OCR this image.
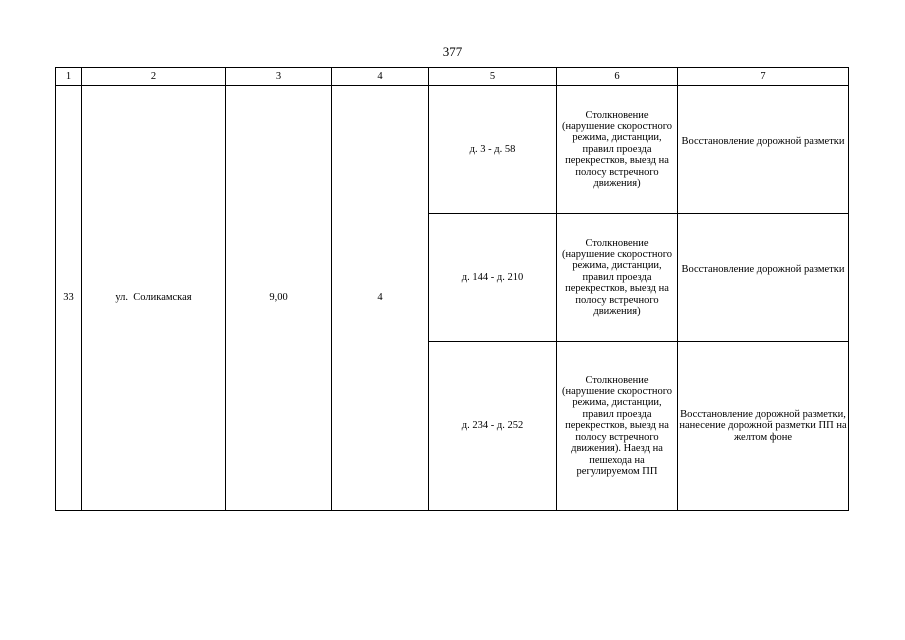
377
1	2	3	4	5	6	7
33	ул.  Соликамская	9,00	4	д. 3 - д. 58	Столкновение (нарушение скоростного режима, дистанции, правил проезда перекрестков, выезд на полосу встречного движения)	Восстановление дорожной разметки

				д. 144 - д. 210	Столкновение (нарушение скоростного режима, дистанции, правил проезда перекрестков, выезд на полосу встречного движения)	Восстановление дорожной разметки

				д. 234 - д. 252	Столкновение (нарушение скоростного режима, дистанции, правил проезда перекрестков, выезд на полосу встречного движения). Наезд на пешехода на регулируемом ПП	Восстановление дорожной разметки, нанесение дорожной разметки ПП на желтом фоне
